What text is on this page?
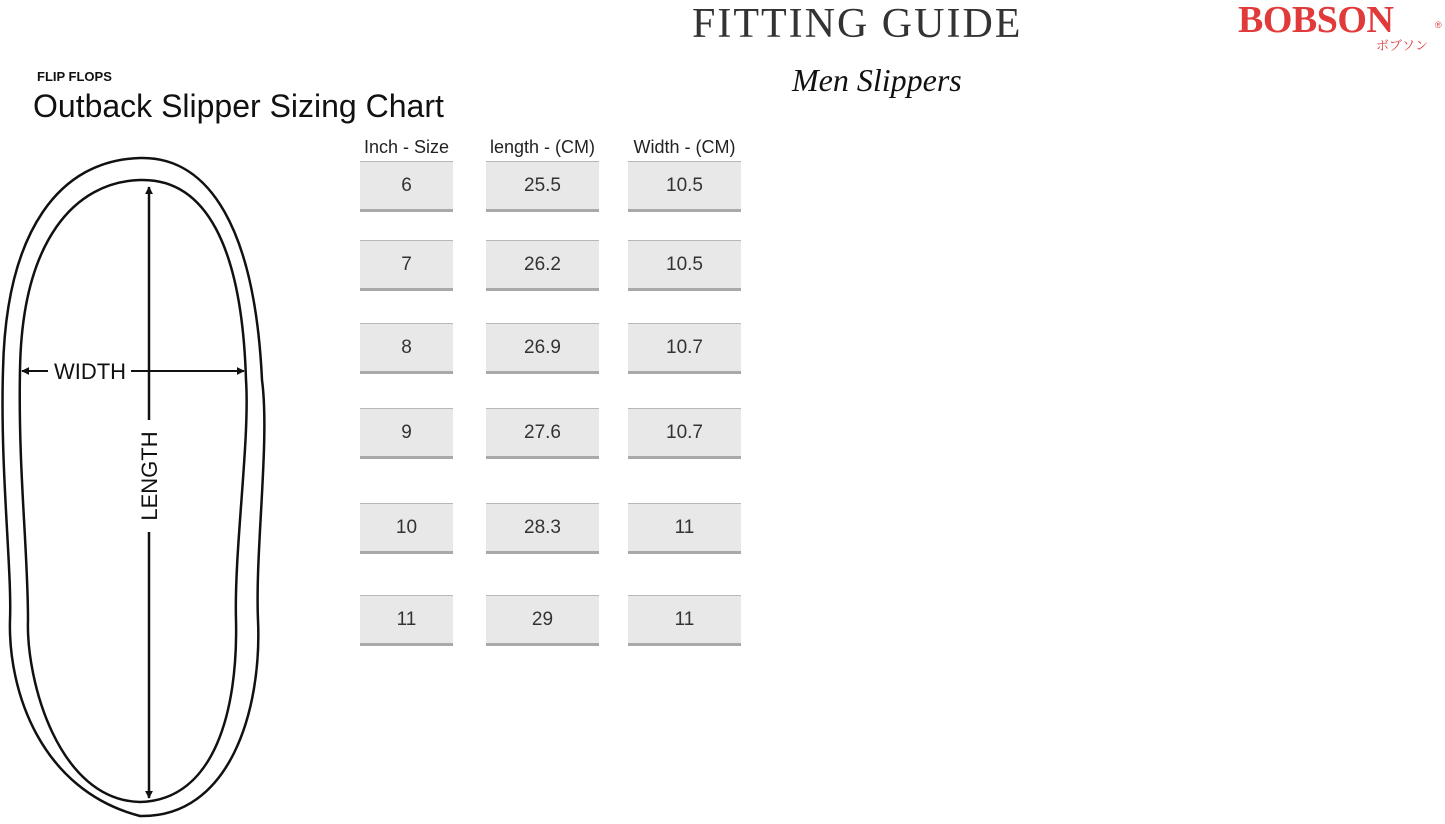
FITTING GUIDE	BOBSON	®
ボブソン
Men Slippers
FLIP FLOPS
Outback Slipper Sizing Chart
WIDTH
LENGTH
Inch - Size	length - (CM)	Width - (CM)
6	25.5	10.5
7	26.2	10.5
8	26.9	10.7
9	27.6	10.7
10	28.3	11
11	29	11
